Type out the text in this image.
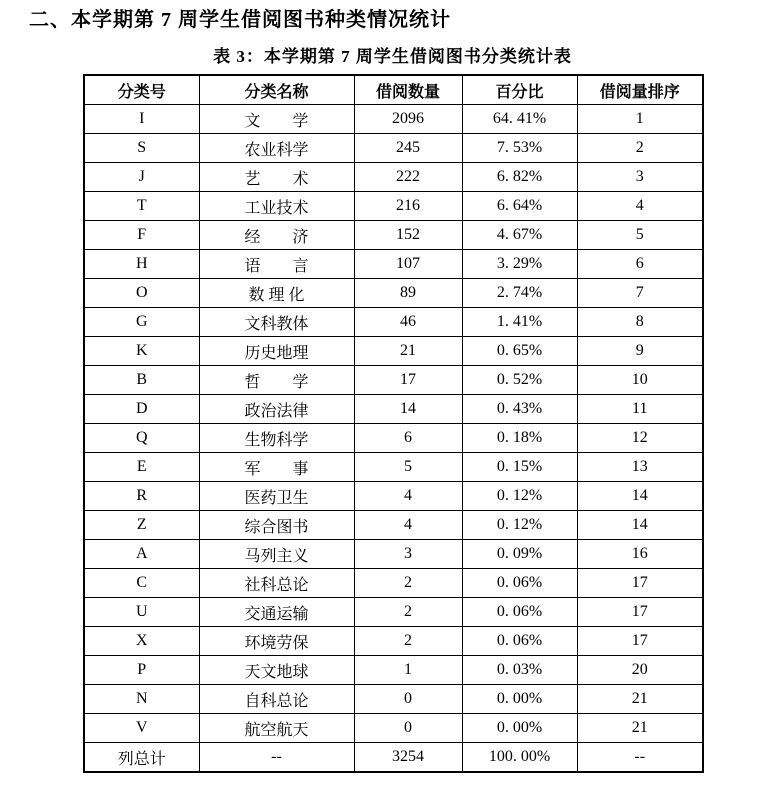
二、本学期第 7 周学生借阅图书种类情况统计
表 3：本学期第 7 周学生借阅图书分类统计表
分类号	分类名称	借阅数量	百分比	借阅量排序
I	文　　学	2096	64. 41%	1
S	农业科学	245	7. 53%	2
J	艺　　术	222	6. 82%	3
T	工业技术	216	6. 64%	4
F	经　　济	152	4. 67%	5
H	语　　言	107	3. 29%	6
O	数 理 化	89	2. 74%	7
G	文科教体	46	1. 41%	8
K	历史地理	21	0. 65%	9
B	哲　　学	17	0. 52%	10
D	政治法律	14	0. 43%	11
Q	生物科学	6	0. 18%	12
E	军　　事	5	0. 15%	13
R	医药卫生	4	0. 12%	14
Z	综合图书	4	0. 12%	14
A	马列主义	3	0. 09%	16
C	社科总论	2	0. 06%	17
U	交通运输	2	0. 06%	17
X	环境劳保	2	0. 06%	17
P	天文地球	1	0. 03%	20
N	自科总论	0	0. 00%	21
V	航空航天	0	0. 00%	21
列总计	--	3254	100. 00%	--
